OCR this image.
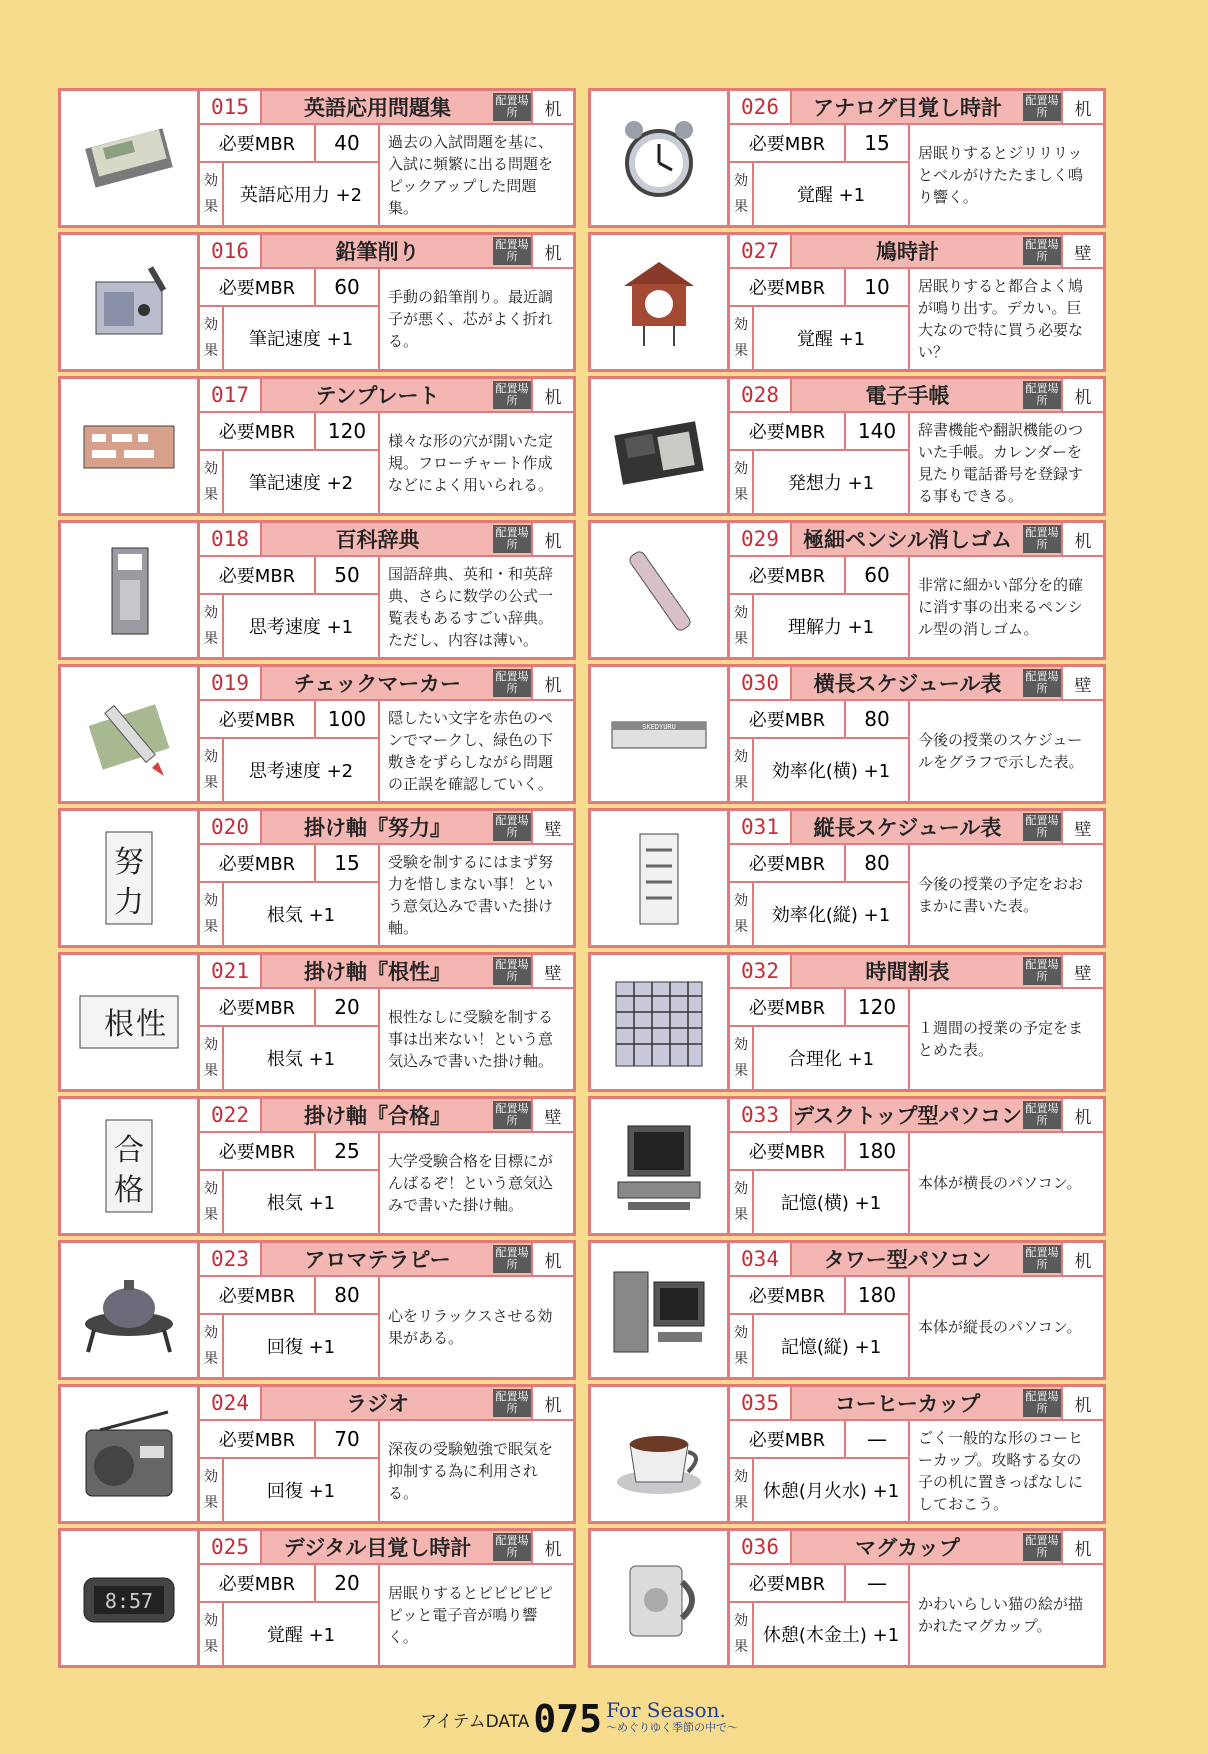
015	英語応用問題集	配置場所	机
必要MBR	40
効
果
英語応用力 +2
過去の入試問題を基に、入試に頻繁に出る問題をピックアップした問題集。
016	鉛筆削り	配置場所	机
必要MBR	60
効
果
筆記速度 +1
手動の鉛筆削り。最近調子が悪く、芯がよく折れる。
017	テンプレート	配置場所	机
必要MBR	120
効
果
筆記速度 +2
様々な形の穴が開いた定規。フローチャート作成などによく用いられる。
018	百科辞典	配置場所	机
必要MBR	50
効
果
思考速度 +1
国語辞典、英和・和英辞典、さらに数学の公式一覧表もあるすごい辞典。ただし、内容は薄い。
019	チェックマーカー	配置場所	机
必要MBR	100
効
果
思考速度 +2
隠したい文字を赤色のペンでマークし、緑色の下敷きをずらしながら問題の正誤を確認していく。
努
力
020	掛け軸『努力』	配置場所	壁
必要MBR	15
効
果
根気 +1
受験を制するにはまず努力を惜しまない事！という意気込みで書いた掛け軸。
根 性
021	掛け軸『根性』	配置場所	壁
必要MBR	20
効
果
根気 +1
根性なしに受験を制する事は出来ない！という意気込みで書いた掛け軸。
合
格
022	掛け軸『合格』	配置場所	壁
必要MBR	25
効
果
根気 +1
大学受験合格を目標にがんばるぞ！という意気込みで書いた掛け軸。
023	アロマテラピー	配置場所	机
必要MBR	80
効
果
回復 +1
心をリラックスさせる効果がある。
024	ラジオ	配置場所	机
必要MBR	70
効
果
回復 +1
深夜の受験勉強で眠気を抑制する為に利用される。
8:57
025	デジタル目覚し時計	配置場所	机
必要MBR	20
効
果
覚醒 +1
居眠りするとピピピピピピッと電子音が鳴り響く。
026	アナログ目覚し時計	配置場所	机
必要MBR	15
効
果
覚醒 +1
居眠りするとジリリリッとベルがけたたましく鳴り響く。
027	鳩時計	配置場所	壁
必要MBR	10
効
果
覚醒 +1
居眠りすると都合よく鳩が鳴り出す。デカい。巨大なので特に買う必要ない？
028	電子手帳	配置場所	机
必要MBR	140
効
果
発想力 +1
辞書機能や翻訳機能のついた手帳。カレンダーを見たり電話番号を登録する事もできる。
029	極細ペンシル消しゴム	配置場所	机
必要MBR	60
効
果
理解力 +1
非常に細かい部分を的確に消す事の出来るペンシル型の消しゴム。
SKEDYURU
030	横長スケジュール表	配置場所	壁
必要MBR	80
効
果
効率化(横) +1
今後の授業のスケジュールをグラフで示した表。
031	縦長スケジュール表	配置場所	壁
必要MBR	80
効
果
効率化(縦) +1
今後の授業の予定をおおまかに書いた表。
032	時間割表	配置場所	壁
必要MBR	120
効
果
合理化 +1
１週間の授業の予定をまとめた表。
033 デスクトップ型パソコン 配置場所	机
必要MBR	180
効
果
記憶(横) +1
本体が横長のパソコン。
034	タワー型パソコン	配置場所	机
必要MBR	180
効
果
記憶(縦) +1
本体が縦長のパソコン。
035	コーヒーカップ	配置場所	机
必要MBR	—
効
果
休憩(月火水) +1
ごく一般的な形のコーヒーカップ。攻略する女の子の机に置きっぱなしにしておこう。
036	マグカップ	配置場所	机
必要MBR	—
効
果
休憩(木金土) +1
かわいらしい猫の絵が描かれたマグカップ。
アイテムDATA 075 For Season.
〜めぐりゆく季節の中で〜
